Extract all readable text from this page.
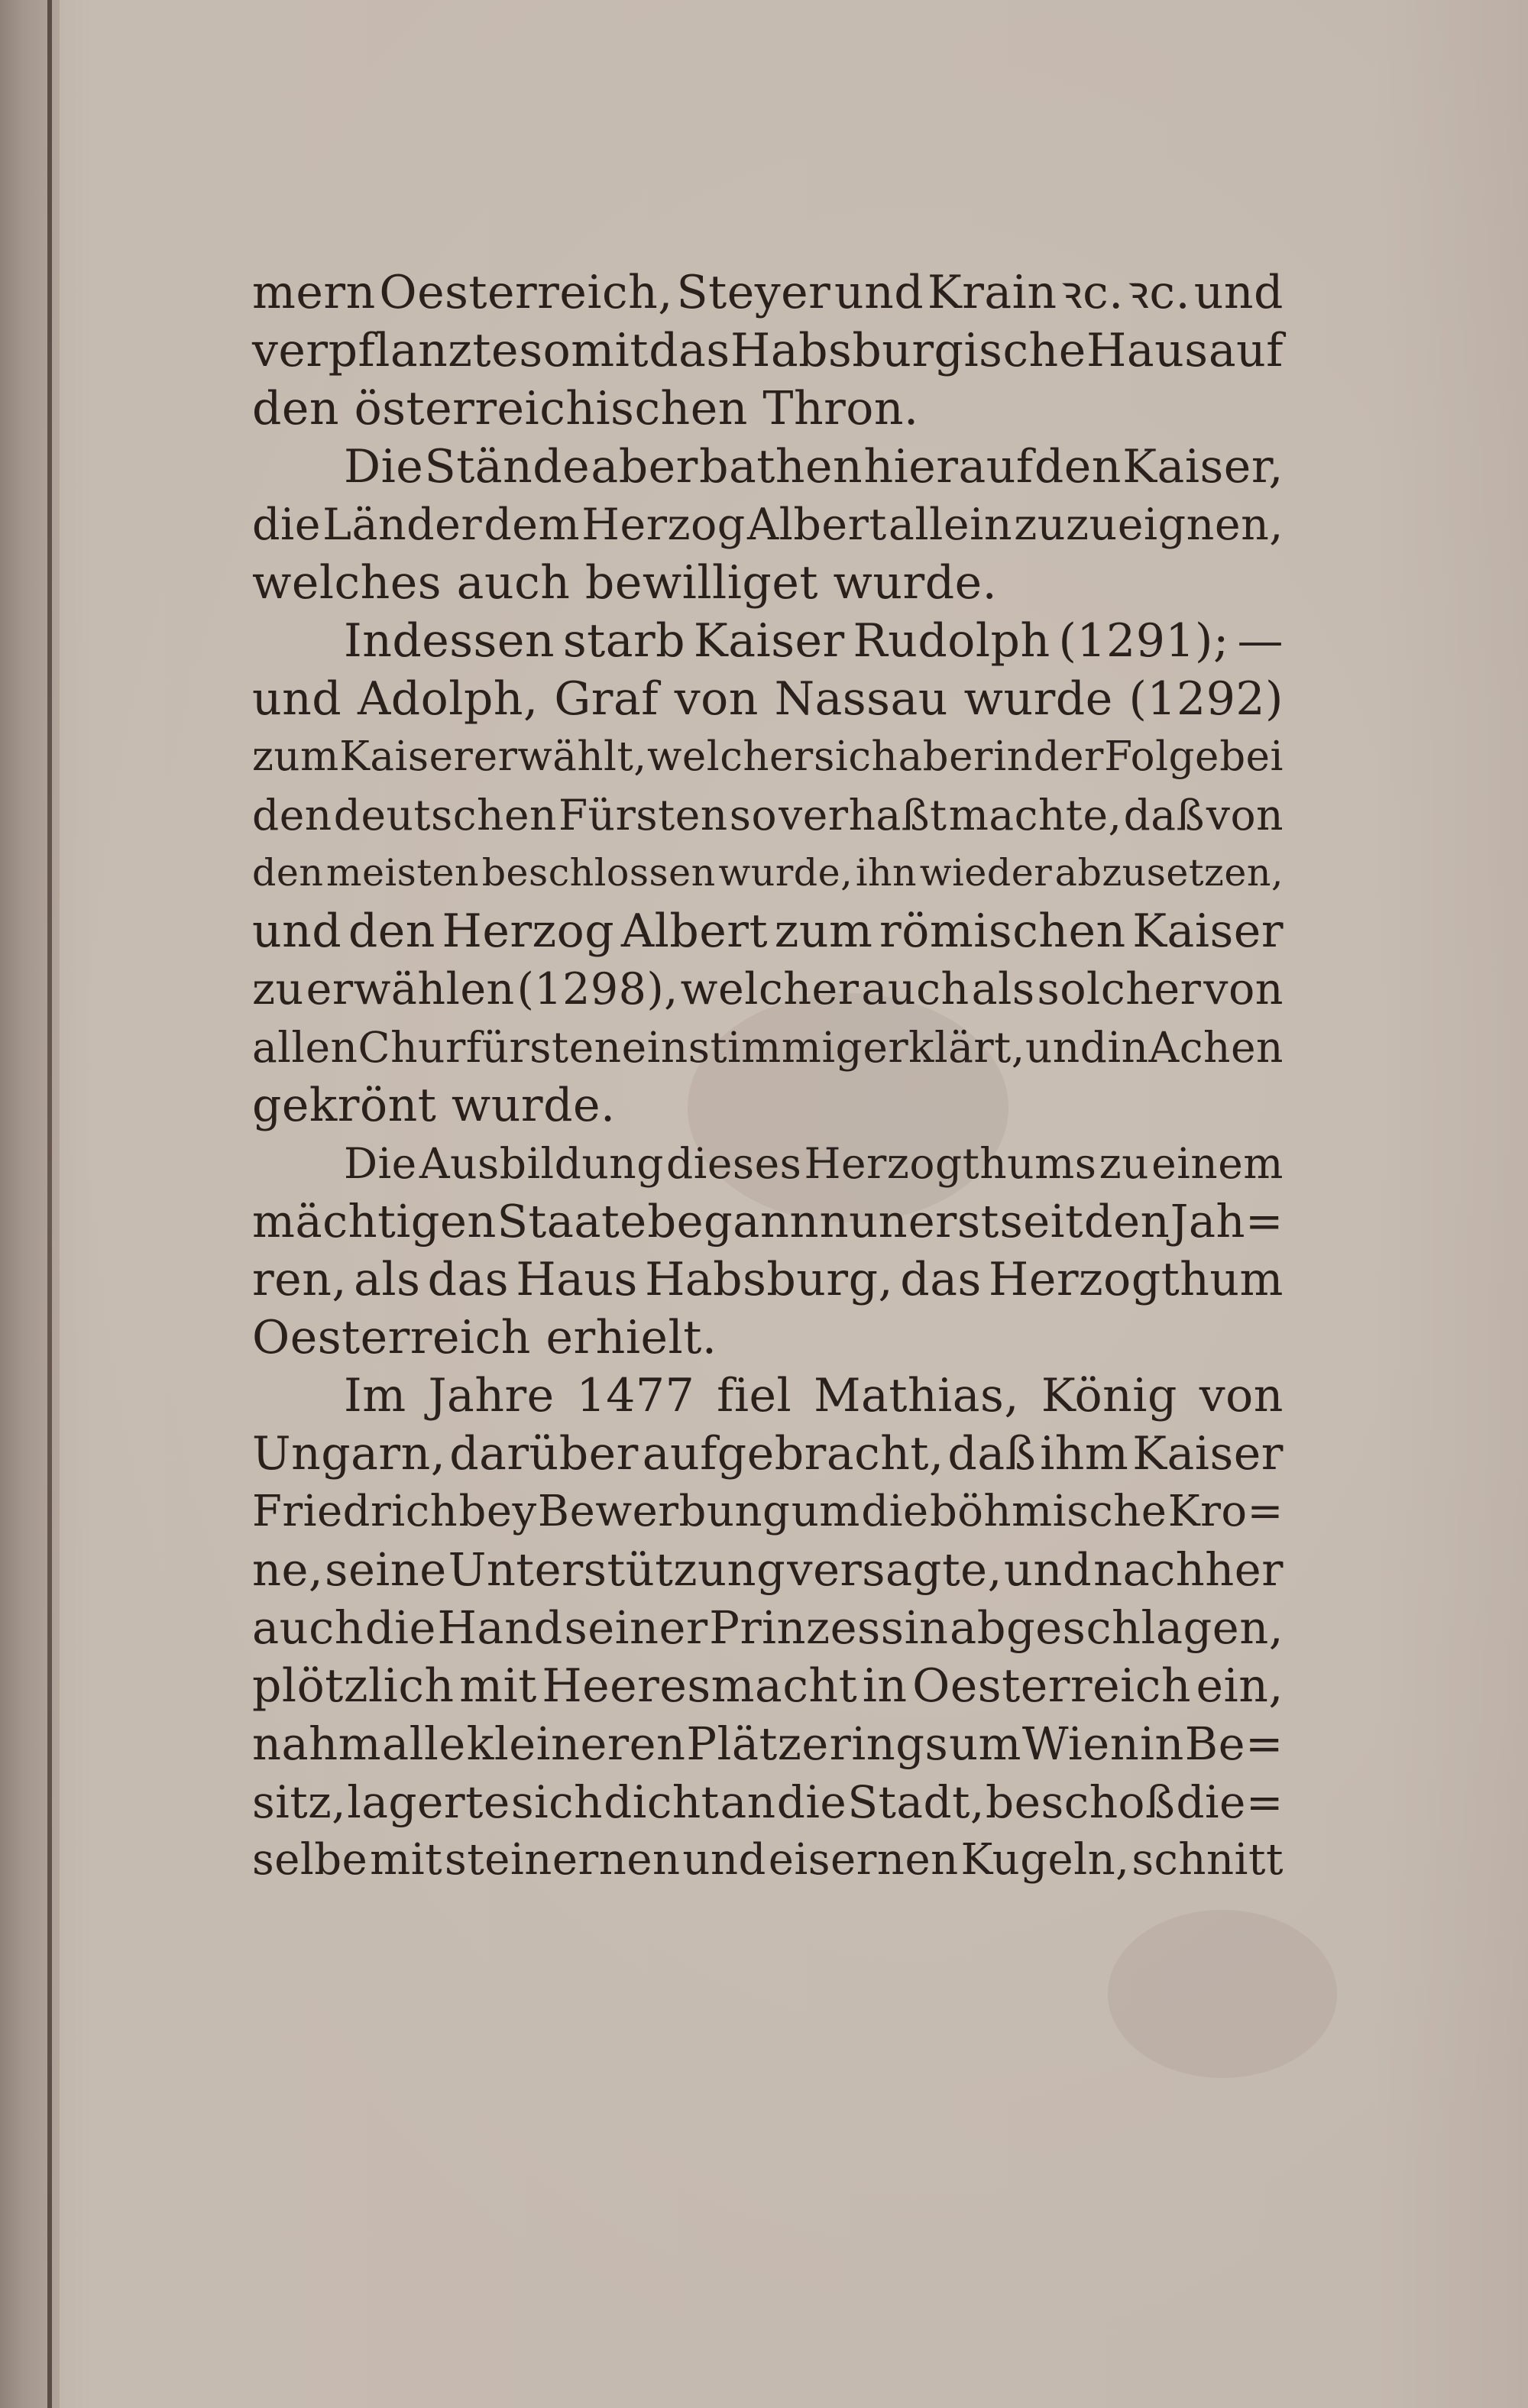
mern Oesterreich, Steyer und Krain ꝛc. ꝛc. und
verpflanzte somit das Habsburgische Haus auf
den österreichischen Thron.
Die Stände aber bathen hierauf den Kaiser,
die Länder dem Herzog Albert allein zuzueignen,
welches auch bewilliget wurde.
Indessen starb Kaiser Rudolph (1291); —
und Adolph, Graf von Nassau wurde (1292)
zum Kaiser erwählt, welcher sich aber in der Folge bei
den deutschen Fürsten so verhaßt machte, daß von
den meisten beschlossen wurde, ihn wieder abzusetzen,
und den Herzog Albert zum römischen Kaiser
zu erwählen (1298), welcher auch als solcher von
allen Churfürsten einstimmig erklärt, und in Achen
gekrönt wurde.
Die Ausbildung dieses Herzogthums zu einem
mächtigen Staate begann nun erst seit den Jah=
ren, als das Haus Habsburg, das Herzogthum
Oesterreich erhielt.
Im Jahre 1477 fiel Mathias, König von
Ungarn, darüber aufgebracht, daß ihm Kaiser
Friedrich bey Bewerbung um die böhmische Kro=
ne, seine Unterstützung versagte, und nachher
auch die Hand seiner Prinzessin abgeschlagen,
plötzlich mit Heeresmacht in Oesterreich ein,
nahm alle kleineren Plätze rings um Wien in Be=
sitz, lagerte sich dicht an die Stadt, beschoß die=
selbe mit steinernen und eisernen Kugeln, schnitt
